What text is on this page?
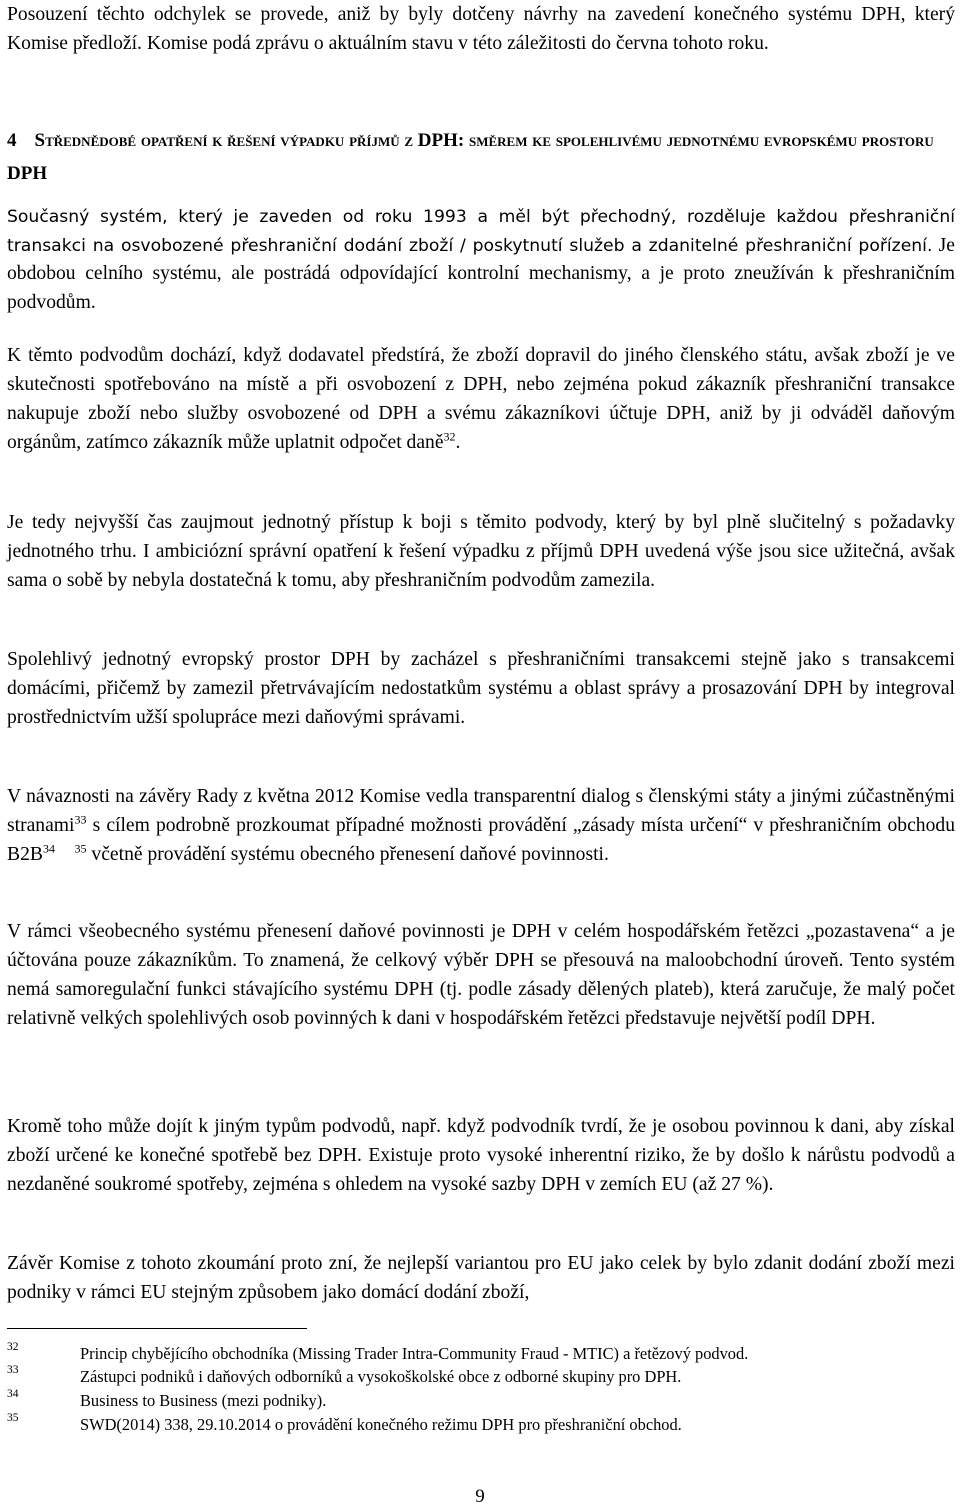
Posouzení těchto odchylek se provede, aniž by byly dotčeny návrhy na zavedení konečného systému DPH, který Komise předloží. Komise podá zprávu o aktuálním stavu v této záležitosti do června tohoto roku.

4 Střednědobé opatření k řešení výpadku příjmů z DPH: směrem ke spolehlivému jednotnému evropskému prostoru DPH

Současný systém, který je zaveden od roku 1993 a měl být přechodný, rozděluje každou přeshraniční transakci na osvobozené přeshraniční dodání zboží / poskytnutí služeb a zdanitelné přeshraniční pořízení. Je obdobou celního systému, ale postrádá odpovídající kontrolní mechanismy, a je proto zneužíván k přeshraničním podvodům.

K těmto podvodům dochází, když dodavatel předstírá, že zboží dopravil do jiného členského státu, avšak zboží je ve skutečnosti spotřebováno na místě a při osvobození z DPH, nebo zejména pokud zákazník přeshraniční transakce nakupuje zboží nebo služby osvobozené od DPH a svému zákazníkovi účtuje DPH, aniž by ji odváděl daňovým orgánům, zatímco zákazník může uplatnit odpočet daně$^{32}$.

Je tedy nejvyšší čas zaujmout jednotný přístup k boji s těmito podvody, který by byl plně slučitelný s požadavky jednotného trhu. I ambiciózní správní opatření k řešení výpadku z příjmů DPH uvedená výše jsou sice užitečná, avšak sama o sobě by nebyla dostatečná k tomu, aby přeshraničním podvodům zamezila.

Spolehlivý jednotný evropský prostor DPH by zacházel s přeshraničními transakcemi stejně jako s transakcemi domácími, přičemž by zamezil přetrvávajícím nedostatkům systému a oblast správy a prosazování DPH by integroval prostřednictvím užší spolupráce mezi daňovými správami.

V návaznosti na závěry Rady z května 2012 Komise vedla transparentní dialog s členskými státy a jinými zúčastněnými stranami$^{33}$ s cílem podrobně prozkoumat případné možnosti provádění „zásady místa určení“ v přeshraničním obchodu $B2B^{34}$ $^{35}$ včetně provádění systému obecného přenesení daňové povinnosti.

V rámci všeobecného systému přenesení daňové povinnosti je DPH v celém hospodářském řetězci „pozastavena“ a je účtována pouze zákazníkům. To znamená, že celkový výběr DPH se přesouvá na maloobchodní úroveň. Tento systém nemá samoregulační funkci stávajícího systému DPH (tj. podle zásady dělených plateb), která zaručuje, že malý počet relativně velkých spolehlivých osob povinných k dani v hospodářském řetězci představuje největší podíl DPH.

Kromě toho může dojít k jiným typům podvodů, např. když podvodník tvrdí, že je osobou povinnou k dani, aby získal zboží určené ke konečné spotřebě bez DPH. Existuje proto vysoké inherentní riziko, že by došlo k nárůstu podvodů a nezdaněné soukromé spotřeby, zejména s ohledem na vysoké sazby DPH v zemích EU (až 27 %).

Závěr Komise z tohoto zkoumání proto zní, že nejlepší variantou pro EU jako celek by bylo zdanit dodání zboží mezi podniky v rámci EU stejným způsobem jako domácí dodání zboží,

32	Princip chybějícího obchodníka (Missing Trader Intra-Community Fraud - MTIC) a řetězový podvod.
33	Zástupci podniků i daňových odborníků a vysokoškolské obce z odborné skupiny pro DPH.
34	Business to Business (mezi podniky).
35	SWD(2014) 338, 29.10.2014 o provádění konečného režimu DPH pro přeshraniční obchod.
9
